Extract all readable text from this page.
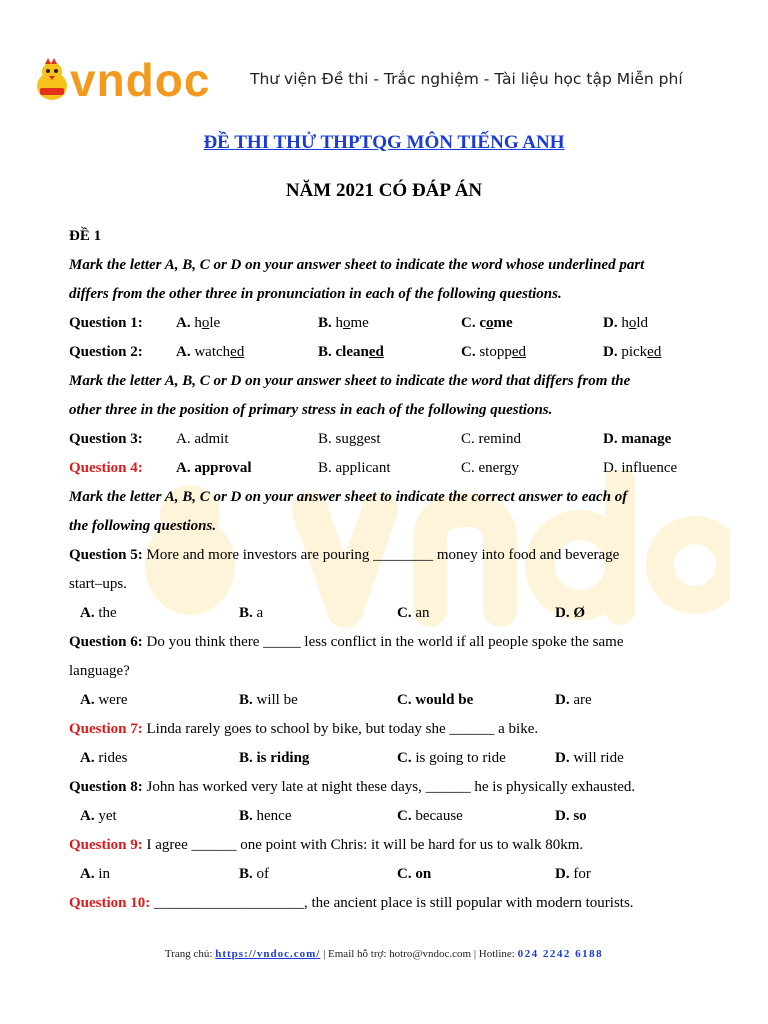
vndoc	Thư viện Đề thi - Trắc nghiệm - Tài liệu học tập Miễn phí
ĐỀ THI THỬ THPTQG MÔN TIẾNG ANH
NĂM 2021 CÓ ĐÁP ÁN
ĐỀ 1
Mark the letter A, B, C or D on your answer sheet to indicate the word whose underlined part
differs from the other three in pronunciation in each of the following questions.
Question 1: A. hole	B. home	C. come	D. hold
Question 2: A. watched	B. cleaned	C. stopped	D. picked
Mark the letter A, B, C or D on your answer sheet to indicate the word that differs from the
other three in the position of primary stress in each of the following questions.
Question 3: A. admit	B. suggest	C. remind	D. manage
Question 4: A. approval	B. applicant	C. energy	D. influence
Mark the letter A, B, C or D on your answer sheet to indicate the correct answer to each of
the following questions.
Question 5: More and more investors are pouring ________ money into food and beverage
start–ups.
A. the	B. a	C. an	D. Ø
Question 6: Do you think there _____ less conflict in the world if all people spoke the same
language?
A. were	B. will be	C. would be	D. are
Question 7: Linda rarely goes to school by bike, but today she ______ a bike.
A. rides	B. is riding	C. is going to ride	D. will ride
Question 8: John has worked very late at night these days, ______ he is physically exhausted.
A. yet	B. hence	C. because	D. so
Question 9: I agree ______ one point with Chris: it will be hard for us to walk 80km.
A. in	B. of	C. on	D. for
Question 10: ____________________, the ancient place is still popular with modern tourists.
Trang chủ: https://vndoc.com/ | Email hỗ trợ: hotro@vndoc.com | Hotline: 024 2242 6188
